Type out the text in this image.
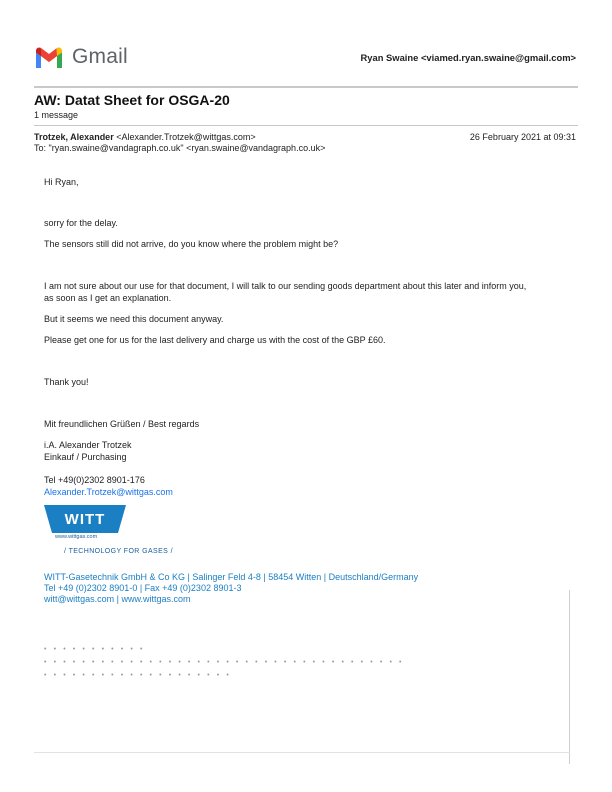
Gmail	Ryan Swaine <viamed.ryan.swaine@gmail.com>
AW: Datat Sheet for OSGA-20
1 message
Trotzek, Alexander <Alexander.Trotzek@wittgas.com>	26 February 2021 at 09:31
To: "ryan.swaine@vandagraph.co.uk" <ryan.swaine@vandagraph.co.uk>
Hi Ryan,
sorry for the delay.
The sensors still did not arrive, do you know where the problem might be?
I am not sure about our use for that document, I will talk to our sending goods department about this later and inform you,
as soon as I get an explanation.
But it seems we need this document anyway.
Please get one for us for the last delivery and charge us with the cost of the GBP £60.
Thank you!
Mit freundlichen Grüßen / Best regards
i.A. Alexander Trotzek
Einkauf / Purchasing
Tel +49(0)2302 8901-176
Alexander.Trotzek@wittgas.com
WITT
www.wittgas.com
/ TECHNOLOGY FOR GASES /
WITT-Gasetechnik GmbH & Co KG | Salinger Feld 4-8 | 58454 Witten | Deutschland/Germany
Tel +49 (0)2302 8901-0 | Fax +49 (0)2302 8901-3
witt@wittgas.com | www.wittgas.com
• • • • • • • • • • •
• • • • • • • • • • • • • • • • • • • • • • • • • • • • • • • • • • • • • •
• • • • • • • • • • • • • • • • • • • •
